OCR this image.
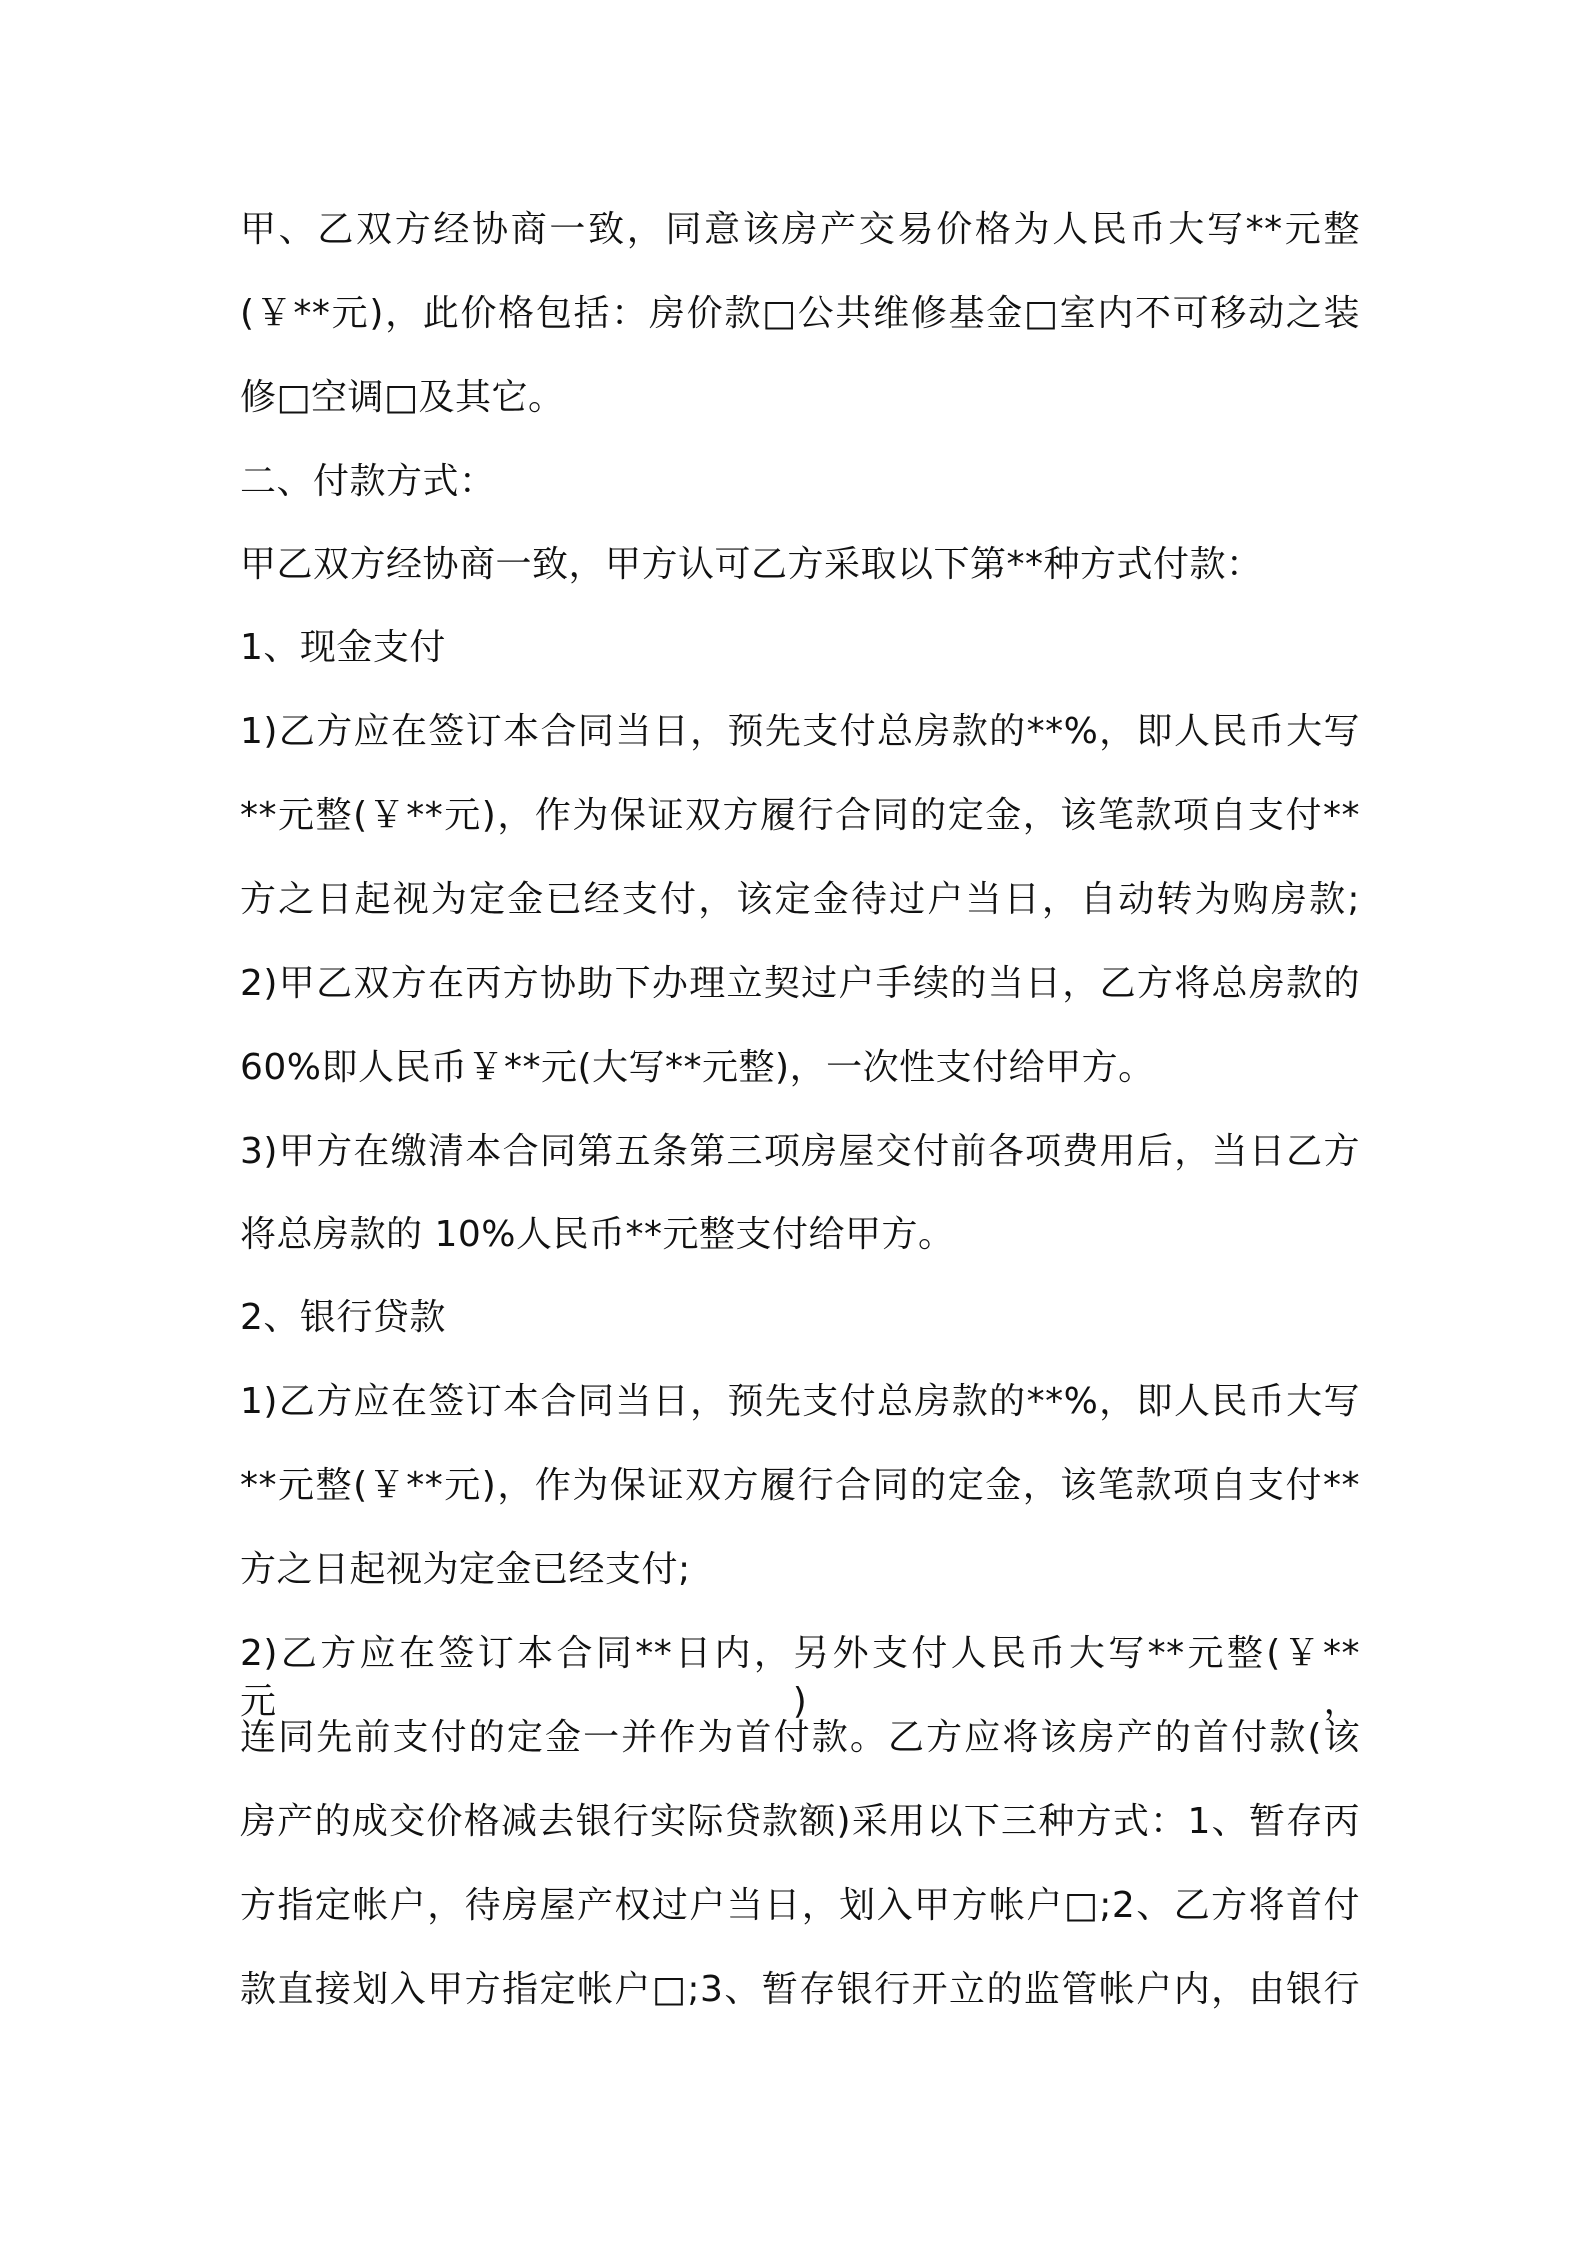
甲、乙双方经协商一致，同意该房产交易价格为人民币大写**元整

(￥**元)，此价格包括：房价款□公共维修基金□室内不可移动之装

修□空调□及其它。

二、付款方式：

甲乙双方经协商一致，甲方认可乙方采取以下第**种方式付款：

1、现金支付

1)乙方应在签订本合同当日，预先支付总房款的**%，即人民币大写

**元整(￥**元)，作为保证双方履行合同的定金，该笔款项自支付**

方之日起视为定金已经支付，该定金待过户当日，自动转为购房款;

2)甲乙双方在丙方协助下办理立契过户手续的当日，乙方将总房款的

60%即人民币￥**元(大写**元整)，一次性支付给甲方。

3)甲方在缴清本合同第五条第三项房屋交付前各项费用后，当日乙方

将总房款的 10%人民币**元整支付给甲方。

2、银行贷款

1)乙方应在签订本合同当日，预先支付总房款的**%，即人民币大写

**元整(￥**元)，作为保证双方履行合同的定金，该笔款项自支付**

方之日起视为定金已经支付;

2)乙方应在签订本合同**日内，另外支付人民币大写**元整(￥**元)，

连同先前支付的定金一并作为首付款。乙方应将该房产的首付款(该

房产的成交价格减去银行实际贷款额)采用以下三种方式：1、暂存丙

方指定帐户，待房屋产权过户当日，划入甲方帐户□;2、乙方将首付

款直接划入甲方指定帐户□;3、暂存银行开立的监管帐户内，由银行
